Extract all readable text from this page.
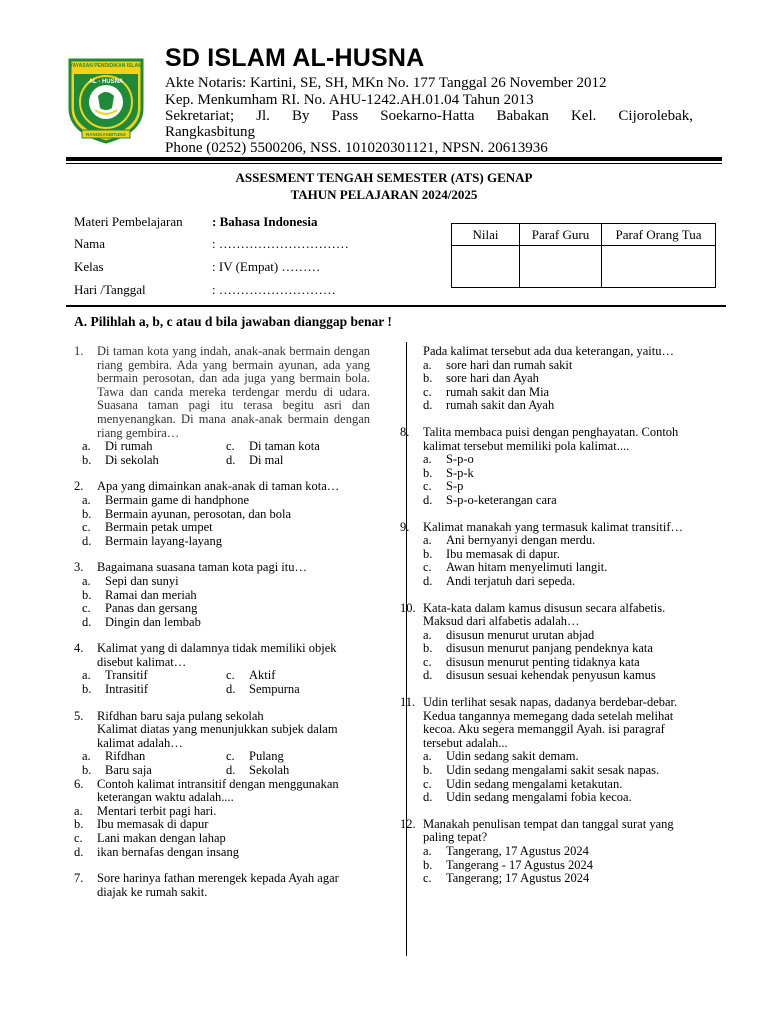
YAYASAN PENDIDIKAN ISLAM
AL - HUSNA
RANGKASBITUNG
SD ISLAM AL-HUSNA
Akte Notaris: Kartini, SE, SH, MKn No. 177 Tanggal 26 November 2012
Kep. Menkumham RI. No. AHU-1242.AH.01.04 Tahun 2013
Sekretariat; Jl. By Pass Soekarno-Hatta Babakan Kel. Cijorolebak,
Rangkasbitung
Phone (0252) 5500206, NSS. 101020301121, NPSN. 20613936
ASSESMENT TENGAH SEMESTER (ATS) GENAP
TAHUN PELAJARAN 2024/2025
Materi Pembelajaran : Bahasa Indonesia
Nama	: …………………………
Kelas	: IV (Empat) ………
Hari /Tanggal	: ………………………
Nilai	Paraf Guru	Paraf Orang Tua

A. Pilihlah a, b, c atau d bila jawaban dianggap benar !
1. Di taman kota yang indah, anak-anak bermain dengan riang gembira. Ada yang bermain ayunan, ada yang bermain perosotan, dan ada juga yang bermain bola. Tawa dan canda mereka terdengar merdu di udara. Suasana taman pagi itu terasa begitu asri dan menyenangkan. Di mana anak-anak bermain dengan riang gembira…
a. Di rumah	c. Di taman kota
b. Di sekolah	d. Di mal
2. Apa yang dimainkan anak-anak di taman kota…
a. Bermain game di handphone
b. Bermain ayunan, perosotan, dan bola
c. Bermain petak umpet
d. Bermain layang-layang
3. Bagaimana suasana taman kota pagi itu…
a. Sepi dan sunyi
b. Ramai dan meriah
c. Panas dan gersang
d. Dingin dan lembab
4. Kalimat yang di dalamnya tidak memiliki objek disebut kalimat…
a. Transitif	c. Aktif
b. Intrasitif	d. Sempurna
5. Rifdhan baru saja pulang sekolah
Kalimat diatas yang menunjukkan subjek dalam kalimat adalah…
a. Rifdhan	c. Pulang
b. Baru saja	d. Sekolah
6. Contoh kalimat intransitif dengan menggunakan keterangan waktu adalah....
a. Mentari terbit pagi hari.
b. Ibu memasak di dapur
c. Lani makan dengan lahap
d. ikan bernafas dengan insang
7. Sore harinya fathan merengek kepada Ayah agar diajak ke rumah sakit.
Pada kalimat tersebut ada dua keterangan, yaitu…
a. sore hari dan rumah sakit
b. sore hari dan Ayah
c. rumah sakit dan Mia
d. rumah sakit dan Ayah
8. Talita membaca puisi dengan penghayatan. Contoh kalimat tersebut memiliki pola kalimat....
a. S-p-o
b. S-p-k
c. S-p
d. S-p-o-keterangan cara
9. Kalimat manakah yang termasuk kalimat transitif…
a. Ani bernyanyi dengan merdu.
b. Ibu memasak di dapur.
c. Awan hitam menyelimuti langit.
d. Andi terjatuh dari sepeda.
10. Kata-kata dalam kamus disusun secara alfabetis. Maksud dari alfabetis adalah…
a. disusun menurut urutan abjad
b. disusun menurut panjang pendeknya kata
c. disusun menurut penting tidaknya kata
d. disusun sesuai kehendak penyusun kamus
11. Udin terlihat sesak napas, dadanya berdebar-debar. Kedua tangannya memegang dada setelah melihat kecoa. Aku segera memanggil Ayah. isi paragraf tersebut adalah...
a. Udin sedang sakit demam.
b. Udin sedang mengalami sakit sesak napas.
c. Udin sedang mengalami ketakutan.
d. Udin sedang mengalami fobia kecoa.
12. Manakah penulisan tempat dan tanggal surat yang paling tepat?
a. Tangerang, 17 Agustus 2024
b. Tangerang - 17 Agustus 2024
c. Tangerang; 17 Agustus 2024
